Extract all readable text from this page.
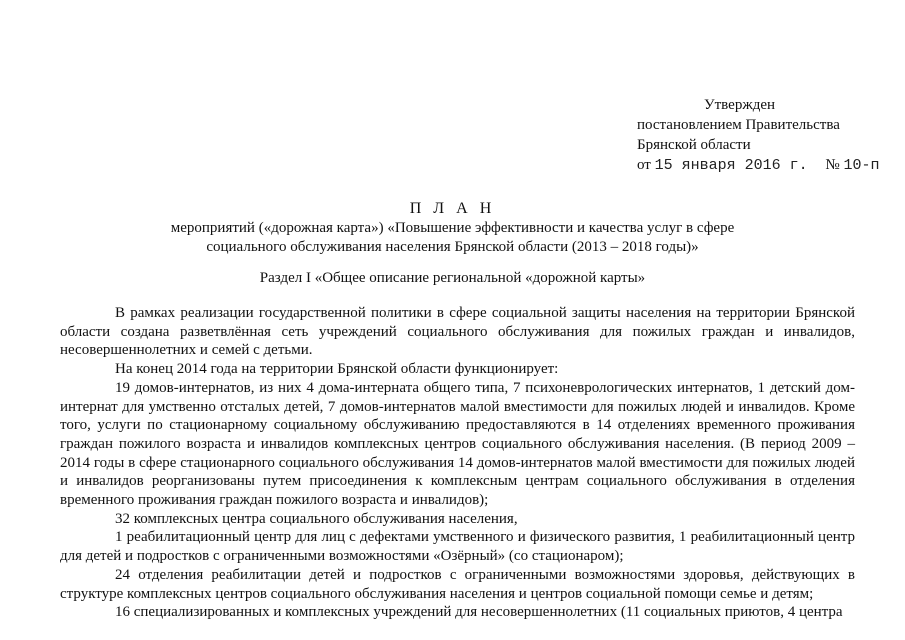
Утвержден
постановлением Правительства
Брянской области
от 15 января 2016 г. № 10-п
П Л А Н
мероприятий («дорожная карта») «Повышение эффективности и качества услуг в сфере
социального обслуживания населения Брянской области (2013 – 2018 годы)»
Раздел I «Общее описание региональной «дорожной карты»

В рамках реализации государственной политики в сфере социальной защиты населения на территории Брянской области создана разветвлённая сеть учреждений социального обслуживания для пожилых граждан и инвалидов, несовершеннолетних и семей с детьми.

На конец 2014 года на территории Брянской области функционирует:

19 домов-интернатов, из них 4 дома-интерната общего типа, 7 психоневрологических интернатов, 1 детский дом-интернат для умственно отсталых детей, 7 домов-интернатов малой вместимости для пожилых людей и инвалидов. Кроме того, услуги по стационарному социальному обслуживанию предоставляются в 14 отделениях временного проживания граждан пожилого возраста и инвалидов комплексных центров социального обслуживания населения. (В период 2009 – 2014 годы в сфере стационарного социального обслуживания 14 домов-интернатов малой вместимости для пожилых людей и инвалидов реорганизованы путем присоединения к комплексным центрам социального обслуживания в отделения временного проживания граждан пожилого возраста и инвалидов);

32 комплексных центра социального обслуживания населения,

1 реабилитационный центр для лиц с дефектами умственного и физического развития, 1 реабилитационный центр для детей и подростков с ограниченными возможностями «Озёрный» (со стационаром);

24 отделения реабилитации детей и подростков с ограниченными возможностями здоровья, действующих в структуре комплексных центров социального обслуживания населения и центров социальной помощи семье и детям;

16 специализированных и комплексных учреждений для несовершеннолетних (11 социальных приютов, 4 центра
